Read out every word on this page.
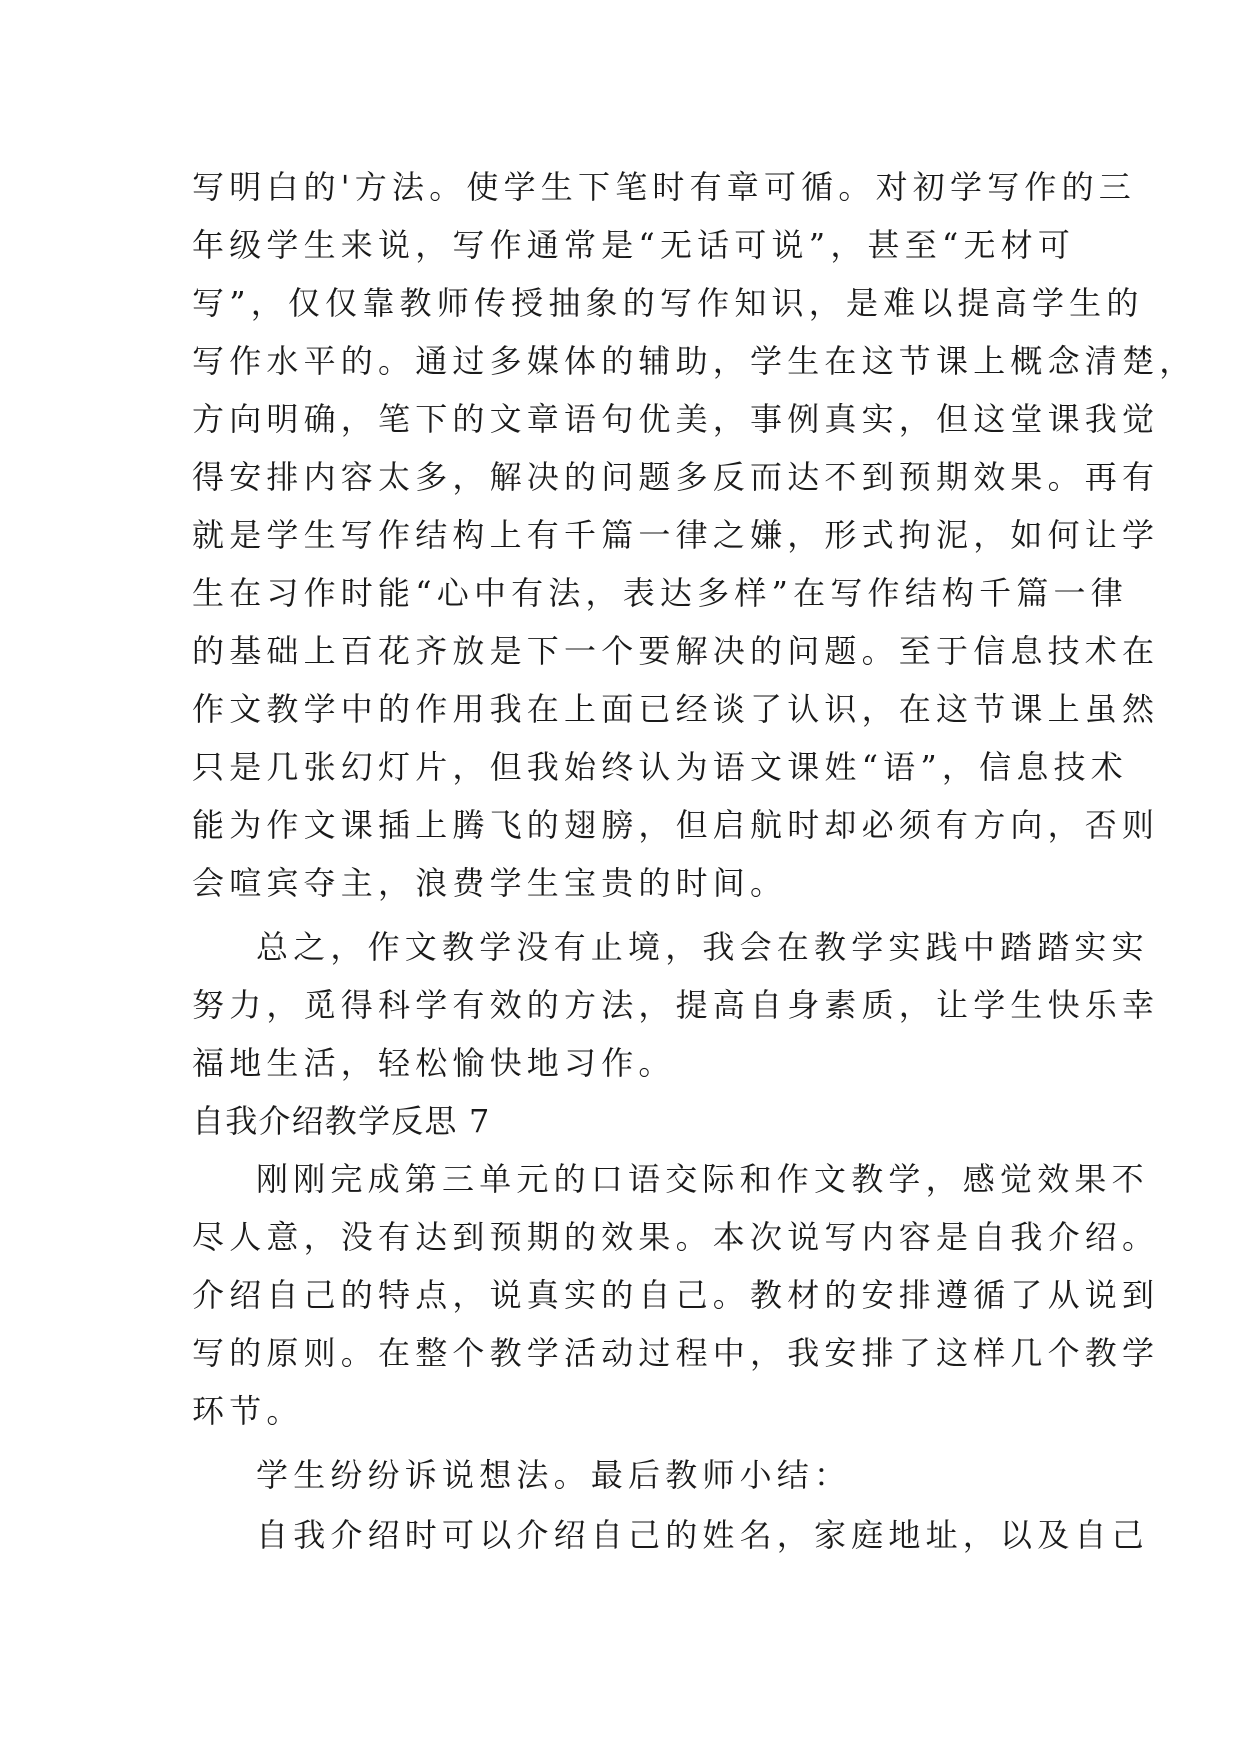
写明白的'方法。使学生下笔时有章可循。对初学写作的三
年级学生来说，写作通常是“无话可说”，甚至“无材可
写”，仅仅靠教师传授抽象的写作知识，是难以提高学生的
写作水平的。通过多媒体的辅助，学生在这节课上概念清楚，
方向明确，笔下的文章语句优美，事例真实，但这堂课我觉
得安排内容太多，解决的问题多反而达不到预期效果。再有
就是学生写作结构上有千篇一律之嫌，形式拘泥，如何让学
生在习作时能“心中有法，表达多样”在写作结构千篇一律
的基础上百花齐放是下一个要解决的问题。至于信息技术在
作文教学中的作用我在上面已经谈了认识，在这节课上虽然
只是几张幻灯片，但我始终认为语文课姓“语”，信息技术
能为作文课插上腾飞的翅膀，但启航时却必须有方向，否则
会喧宾夺主，浪费学生宝贵的时间。
总之，作文教学没有止境，我会在教学实践中踏踏实实
努力，觅得科学有效的方法，提高自身素质，让学生快乐幸
福地生活，轻松愉快地习作。
自我介绍教学反思 7
刚刚完成第三单元的口语交际和作文教学，感觉效果不
尽人意，没有达到预期的效果。本次说写内容是自我介绍。
介绍自己的特点，说真实的自己。教材的安排遵循了从说到
写的原则。在整个教学活动过程中，我安排了这样几个教学
环节。
学生纷纷诉说想法。最后教师小结：
自我介绍时可以介绍自己的姓名，家庭地址，以及自己
